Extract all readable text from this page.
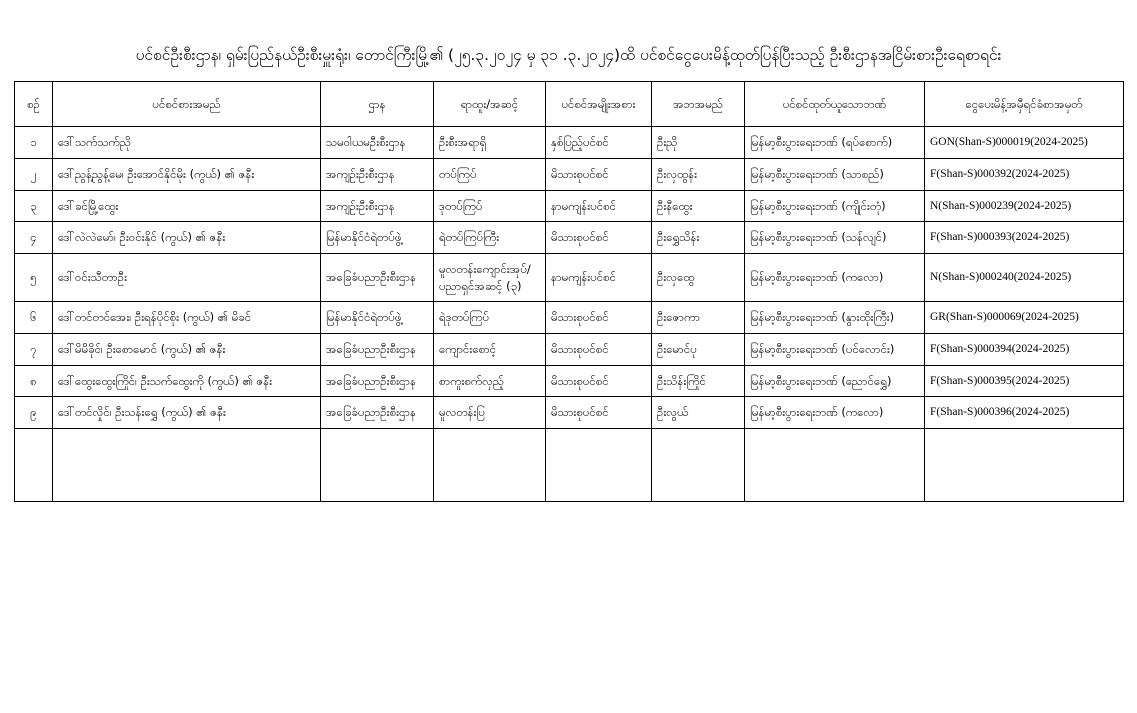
ပင်စင်ဦးစီးဌာန၊ ရှမ်းပြည်နယ်ဦးစီးမှူးရုံး၊ တောင်ကြီးမြို့၏ (၂၅.၃.၂၀၂၄ မှ ၃၁ .၃.၂၀၂၄)ထိ ပင်စင်ငွေပေးမိန့်ထုတ်ပြန်ပြီးသည့် ဦးစီးဌာနအငြိမ်းစားဦးရေစာရင်း
စဉ်	ပင်စင်စားအမည်	ဌာန	ရာထူး/အဆင့်	ပင်စင်အမျိုးအစား	အဘအမည်	ပင်စင်ထုတ်ယူသောဘဏ်	ငွေပေးမိန့်အမှီရင်ခံစာအမှတ်
၁	ဒေါ်သက်သက်ညို	သမဝါယမဦးစီးဌာန	ဦးစီးအရာရှိ	နှစ်ပြည့်ပင်စင်	ဦးညို	မြန်မာ့စီးပွားရေးဘဏ် (ရပ်စောက်)	GON(Shan-S)000019(2024-2025)
၂	ဒေါ်ညွန့်ညွန့်မေ၊ ဦးအောင်နိုင်မိုး (ကွယ်) ၏ ဇနီး	အကျဉ်းဦးစီးဌာန	တပ်ကြပ်	မိသားစုပင်စင်	ဦးလှထွန်း	မြန်မာ့စီးပွားရေးဘဏ် (သာစည်)	F(Shan-S)000392(2024-2025)
၃	ဒေါ်ခင်မြို့ထွေး	အကျဉ်းဦးစီးဌာန	ဒုတပ်ကြပ်	နာမကျန်းပင်စင်	ဦးနီထွေး	မြန်မာ့စီးပွားရေးဘဏ် (ကျိုင်းတုံ)	N(Shan-S)000239(2024-2025)
၄	ဒေါ်လဲလဲမော်၊ ဦးဝင်းနိုင် (ကွယ်) ၏ ဇနီး	မြန်မာနိုင်ငံရဲတပ်ဖွဲ့	ရဲတပ်ကြပ်ကြီး	မိသားစုပင်စင်	ဦးရွှေသိန်း	မြန်မာ့စီးပွားရေးဘဏ် (သန်လျင်)	F(Shan-S)000393(2024-2025)
၅	ဒေါ်ဝင်းသီတာဦး	အခြေခံပညာဦးစီးဌာန	မူလတန်းကျောင်းအုပ်/ ပညာရှင်အဆင့် (၃)	နာမကျန်းပင်စင်	ဦးလှထွေ	မြန်မာ့စီးပွားရေးဘဏ် (ကလော)	N(Shan-S)000240(2024-2025)
၆	ဒေါ်တင်တင်အေး၊ ဦးရန်ပိုင်စိုး (ကွယ်) ၏ မိခင်	မြန်မာနိုင်ငံရဲတပ်ဖွဲ့	ရဲဒုတပ်ကြပ်	မိသားစုပင်စင်	ဦးဇောကာ	မြန်မာ့စီးပွားရေးဘဏ် (နွားထိုးကြီး)	GR(Shan-S)000069(2024-2025)
၇	ဒေါ်မိမိခိုင်၊ ဦးစောမောင် (ကွယ်) ၏ ဇနီး	အခြေခံပညာဦးစီးဌာန	ကျောင်းစောင့်	မိသားစုပင်စင်	ဦးမောင်ပု	မြန်မာ့စီးပွားရေးဘဏ် (ပင်လောင်း)	F(Shan-S)000394(2024-2025)
၈	ဒေါ်ထွေးထွေးကြိုင်၊ ဦးသက်ထွေးကို (ကွယ်) ၏ ဇနီး	အခြေခံပညာဦးစီးဌာန	စာကူးစက်လှည့်	မိသားစုပင်စင်	ဦးသိန်းကြိုင်	မြန်မာ့စီးပွားရေးဘဏ် (ညောင်ရွှေ)	F(Shan-S)000395(2024-2025)
၉	ဒေါ်တင်လှိုင်၊ ဦးသန်းရွှေ (ကွယ်) ၏ ဇနီး	အခြေခံပညာဦးစီးဌာန	မူလတန်းပြ	မိသားစုပင်စင်	ဦးလွယ်	မြန်မာ့စီးပွားရေးဘဏ် (ကလော)	F(Shan-S)000396(2024-2025)
